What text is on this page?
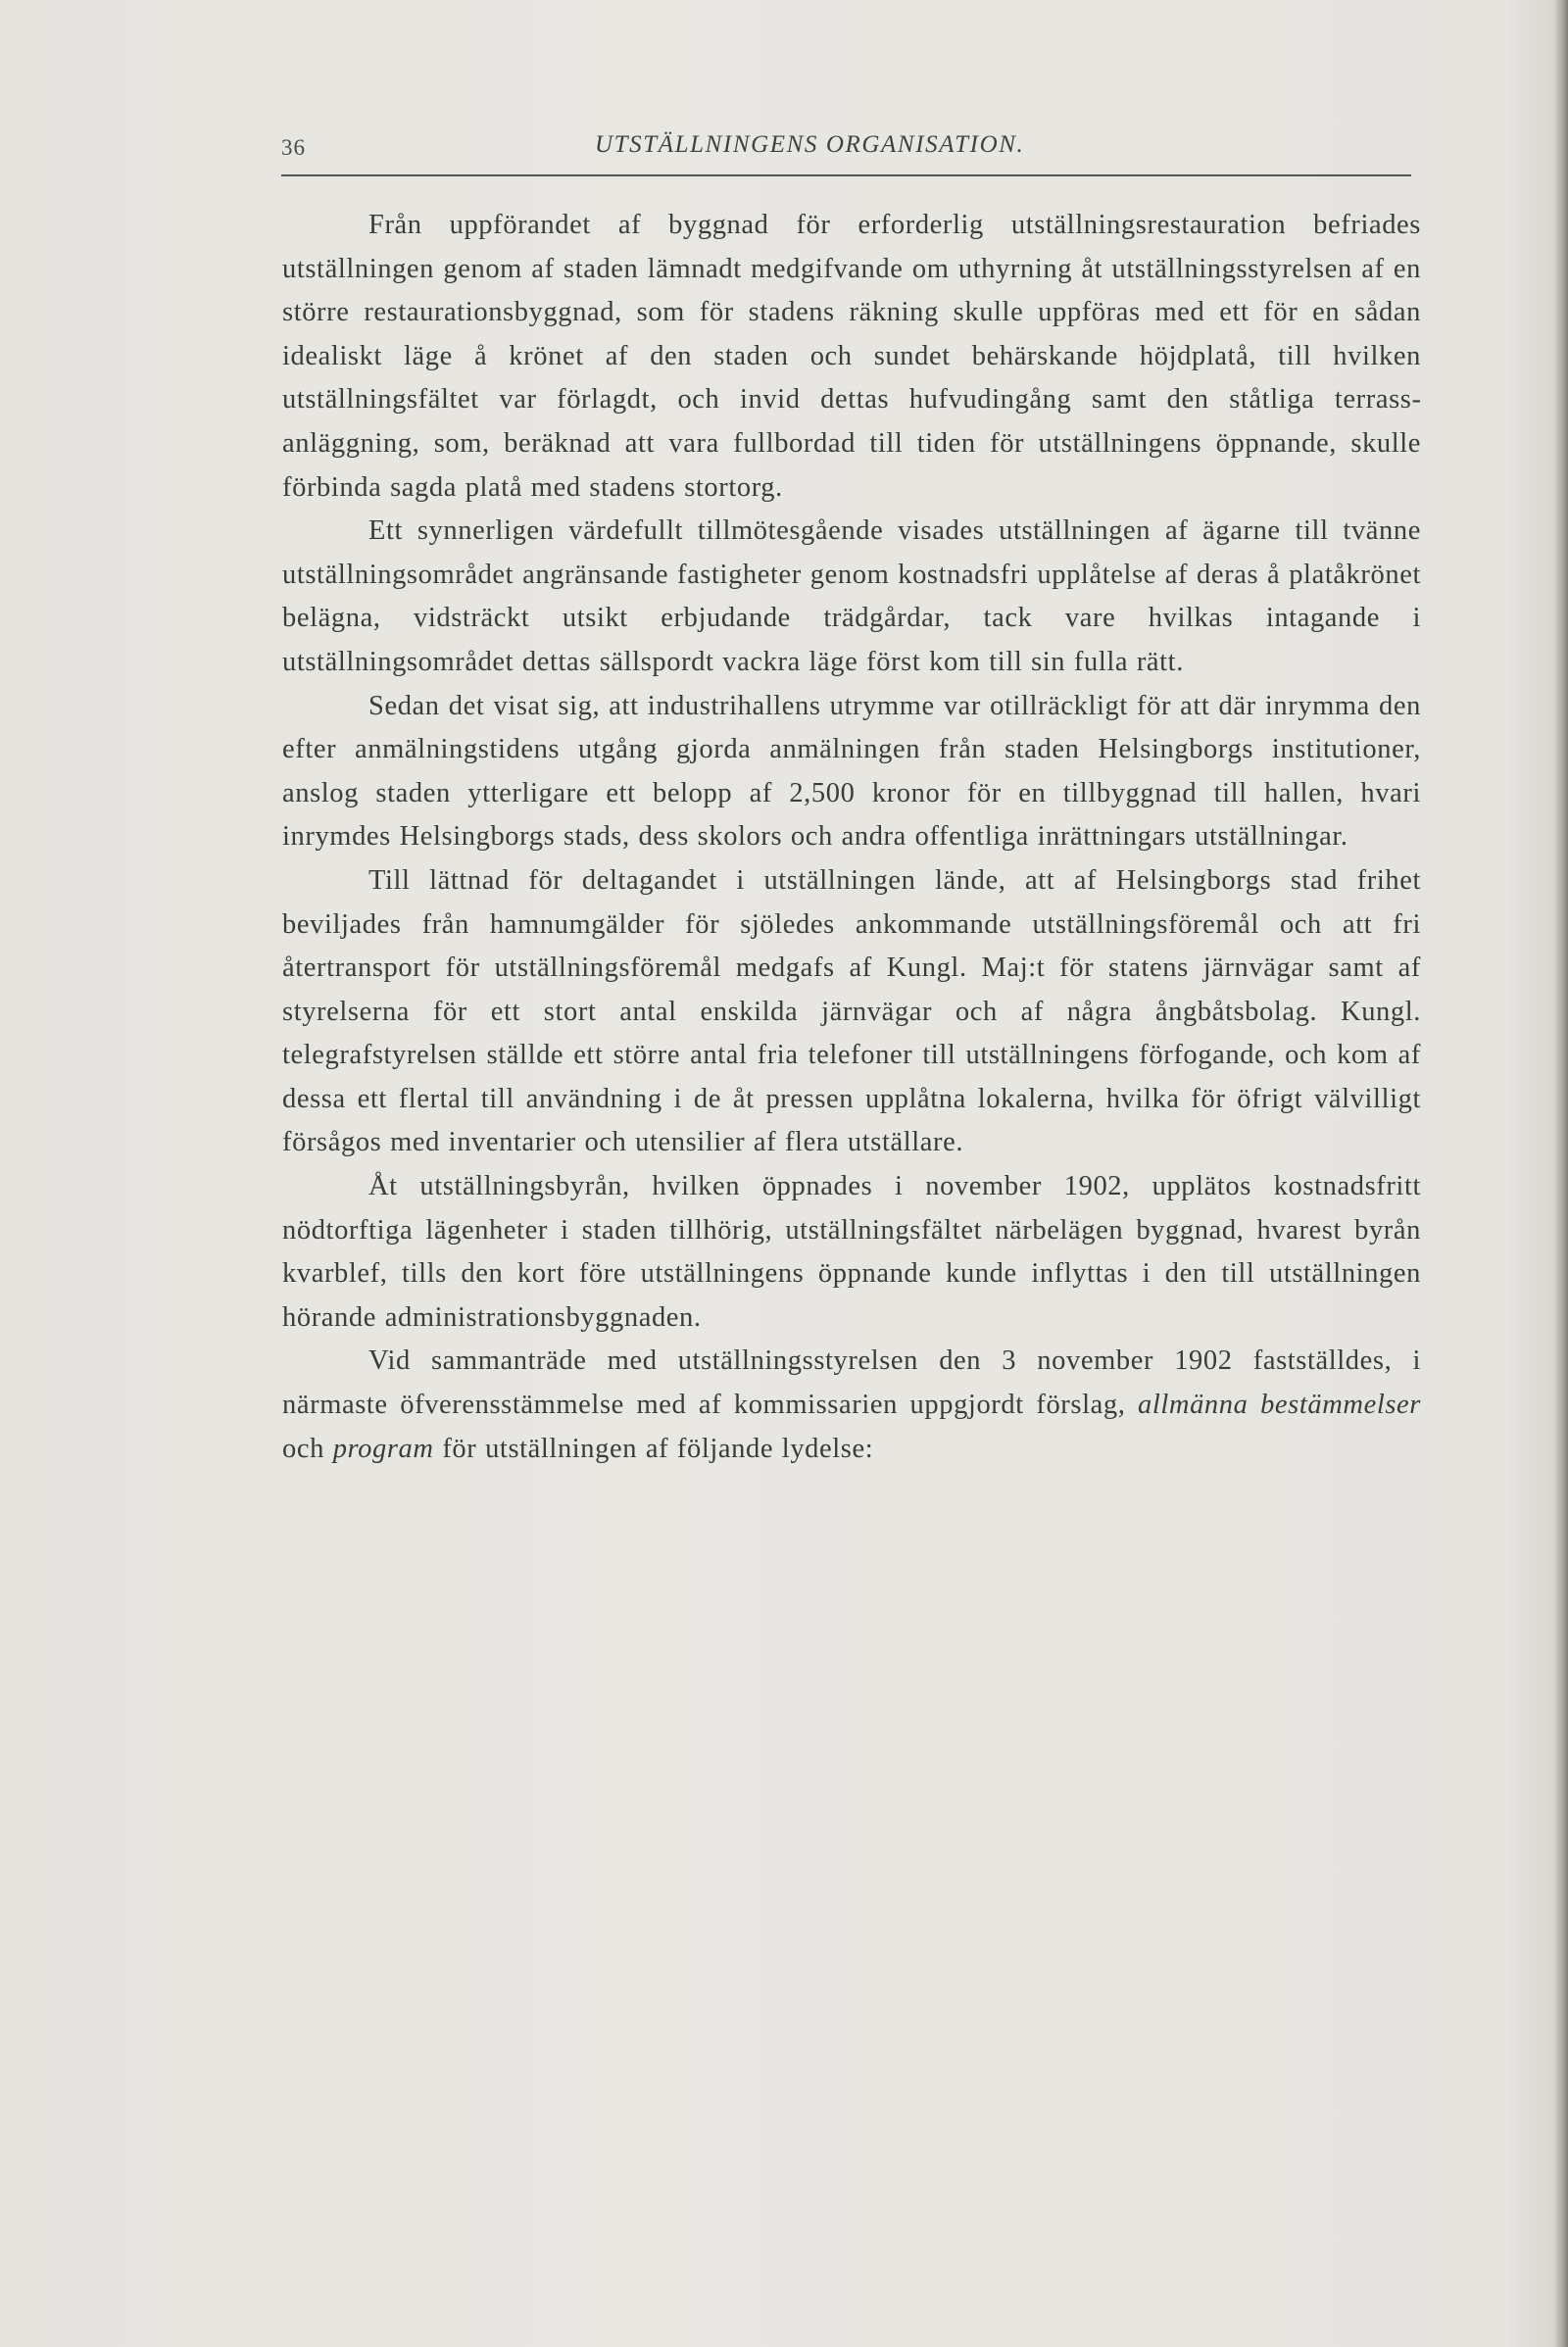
36	UTSTÄLLNINGENS ORGANISATION.

Från uppförandet af byggnad för erforderlig utställningsrestauration befriades utställningen genom af staden lämnadt medgifvande om uthyrning åt utställningsstyrelsen af en större restaurationsbyggnad, som för stadens räkning skulle uppföras med ett för en sådan idealiskt läge å krönet af den staden och sundet behärskande höjdplatå, till hvilken utställningsfältet var förlagdt, och invid dettas hufvudingång samt den ståtliga terrassanläggning, som, beräknad att vara fullbordad till tiden för utställningens öppnande, skulle förbinda sagda platå med stadens stortorg.

Ett synnerligen värdefullt tillmötesgående visades utställningen af ägarne till tvänne utställningsområdet angränsande fastigheter genom kostnadsfri upplåtelse af deras å platåkrönet belägna, vidsträckt utsikt erbjudande trädgårdar, tack vare hvilkas intagande i utställningsområdet dettas sällspordt vackra läge först kom till sin fulla rätt.

Sedan det visat sig, att industrihallens utrymme var otillräckligt för att där inrymma den efter anmälningstidens utgång gjorda anmälningen från staden Helsingborgs institutioner, anslog staden ytterligare ett belopp af 2,500 kronor för en tillbyggnad till hallen, hvari inrymdes Helsingborgs stads, dess skolors och andra offentliga inrättningars utställningar.

Till lättnad för deltagandet i utställningen lände, att af Helsingborgs stad frihet beviljades från hamnumgälder för sjöledes ankommande utställningsföremål och att fri återtransport för utställningsföremål medgafs af Kungl. Maj:t för statens järnvägar samt af styrelserna för ett stort antal enskilda järnvägar och af några ångbåtsbolag. Kungl. telegrafstyrelsen ställde ett större antal fria telefoner till utställningens förfogande, och kom af dessa ett flertal till användning i de åt pressen upplåtna lokalerna, hvilka för öfrigt välvilligt försågos med inventarier och utensilier af flera utställare.

Åt utställningsbyrån, hvilken öppnades i november 1902, upplätos kostnadsfritt nödtorftiga lägenheter i staden tillhörig, utställningsfältet närbelägen byggnad, hvarest byrån kvarblef, tills den kort före utställningens öppnande kunde inflyttas i den till utställningen hörande administrationsbyggnaden.

Vid sammanträde med utställningsstyrelsen den 3 november 1902 fastställdes, i närmaste öfverensstämmelse med af kommissarien uppgjordt förslag, allmänna bestämmelser och program för utställningen af följande lydelse:
